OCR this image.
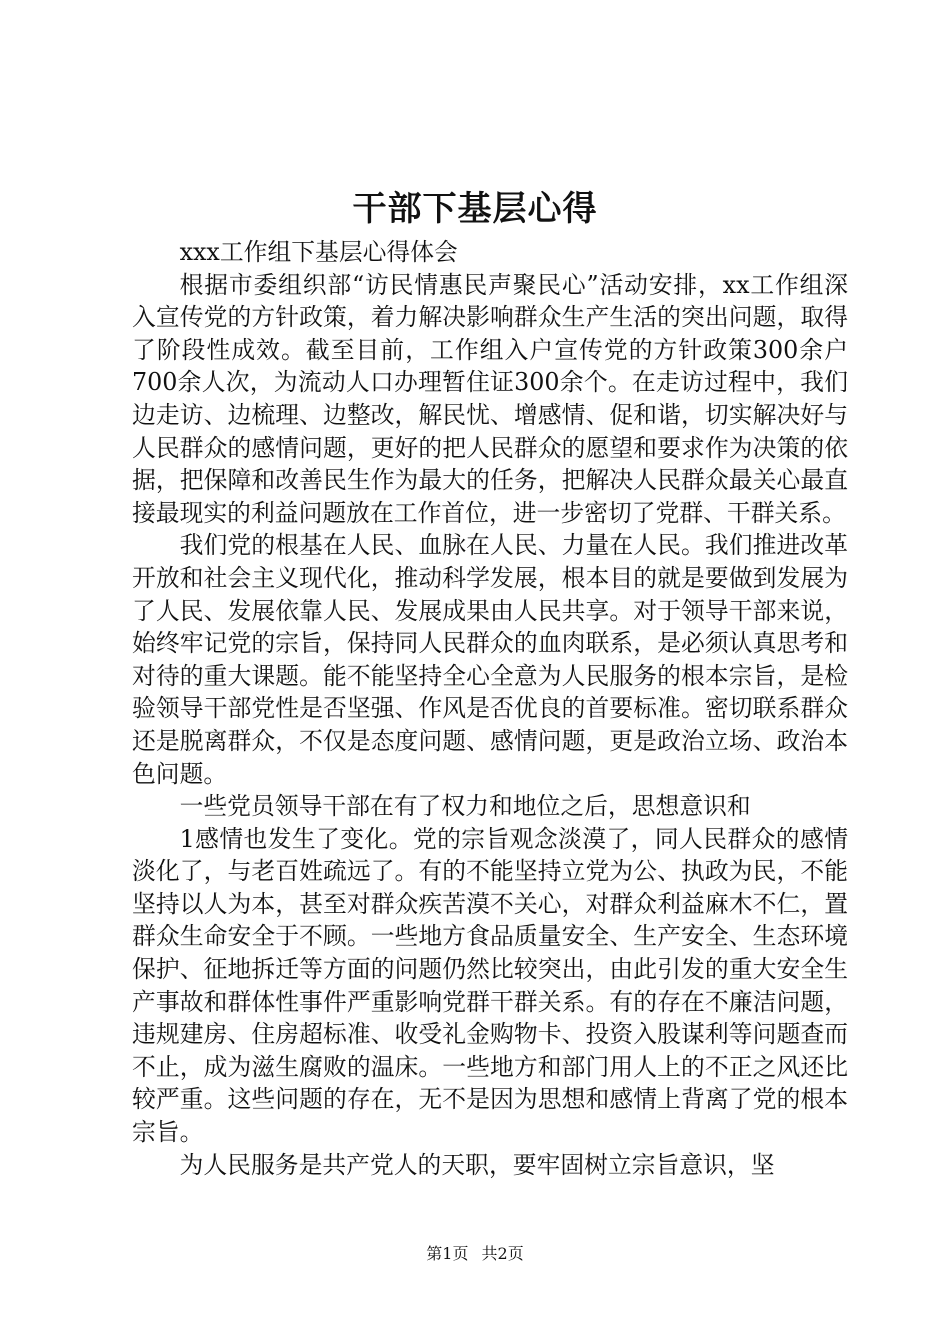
干部下基层心得

xxx工作组下基层心得体会

根据市委组织部“访民情惠民声聚民心”活动安排，xx工作组深入宣传党的方针政策，着力解决影响群众生产生活的突出问题，取得了阶段性成效。截至目前，工作组入户宣传党的方针政策300余户700余人次，为流动人口办理暂住证300余个。在走访过程中，我们边走访、边梳理、边整改，解民忧、增感情、促和谐，切实解决好与人民群众的感情问题，更好的把人民群众的愿望和要求作为决策的依据，把保障和改善民生作为最大的任务，把解决人民群众最关心最直接最现实的利益问题放在工作首位，进一步密切了党群、干群关系。

我们党的根基在人民、血脉在人民、力量在人民。我们推进改革开放和社会主义现代化，推动科学发展，根本目的就是要做到发展为了人民、发展依靠人民、发展成果由人民共享。对于领导干部来说，始终牢记党的宗旨，保持同人民群众的血肉联系，是必须认真思考和对待的重大课题。能不能坚持全心全意为人民服务的根本宗旨，是检验领导干部党性是否坚强、作风是否优良的首要标准。密切联系群众还是脱离群众，不仅是态度问题、感情问题，更是政治立场、政治本色问题。

一些党员领导干部在有了权力和地位之后，思想意识和

1感情也发生了变化。党的宗旨观念淡漠了，同人民群众的感情淡化了，与老百姓疏远了。有的不能坚持立党为公、执政为民，不能坚持以人为本，甚至对群众疾苦漠不关心，对群众利益麻木不仁，置群众生命安全于不顾。一些地方食品质量安全、生产安全、生态环境保护、征地拆迁等方面的问题仍然比较突出，由此引发的重大安全生产事故和群体性事件严重影响党群干群关系。有的存在不廉洁问题，违规建房、住房超标准、收受礼金购物卡、投资入股谋利等问题查而不止，成为滋生腐败的温床。一些地方和部门用人上的不正之风还比较严重。这些问题的存在，无不是因为思想和感情上背离了党的根本宗旨。

为人民服务是共产党人的天职，要牢固树立宗旨意识，坚

第1页 共2页
